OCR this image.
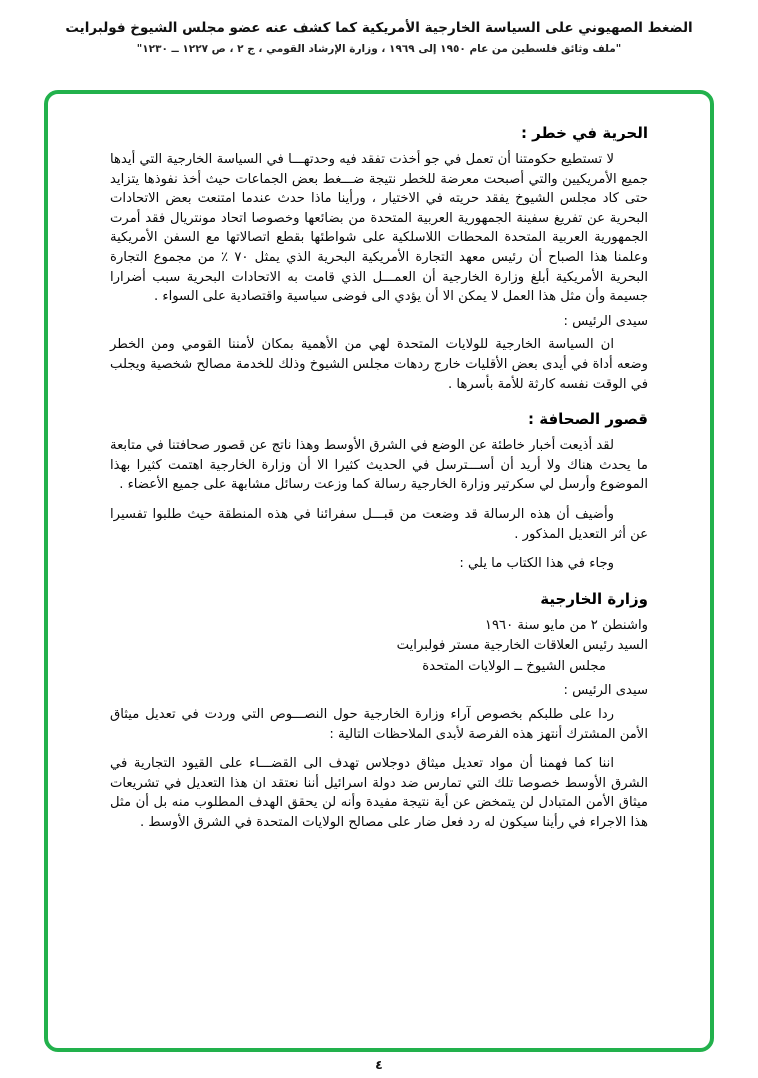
الضغط الصهيوني على السياسة الخارجية الأمريكية كما كشف عنه عضو مجلس الشيوخ فولبرايت
"ملف وثائق فلسطين من عام ١٩٥٠ إلى ١٩٦٩ ، وزارة الإرشاد القومي ، ج ٢ ، ص ١٢٢٧ ــ ١٢٣٠"
الحرية في خطر :

لا تستطيع حكومتنا أن تعمل في جو أخذت تفقد فيه وحدتهـــا في السياسة الخارجية التي أيدها جميع الأمريكيين والتي أصبحت معرضة للخطر نتيجة ضـــغط بعض الجماعات حيث أخذ نفوذها يتزايد حتى كاد مجلس الشيوخ يفقد حريته في الاختيار ، ورأينا ماذا حدث عندما امتنعت بعض الاتحادات البحرية عن تفريغ سفينة الجمهورية العربية المتحدة من بضائعها وخصوصا اتحاد مونتريال فقد أمرت الجمهورية العربية المتحدة المحطات اللاسلكية على شواطئها بقطع اتصالاتها مع السفن الأمريكية وعلمنا هذا الصباح أن رئيس معهد التجارة الأمريكية البحرية الذي يمثل ٧٠ ٪ من مجموع التجارة البحرية الأمريكية أبلغ وزارة الخارجية أن العمـــل الذي قامت به الاتحادات البحرية سبب أضرارا جسيمة وأن مثل هذا العمل لا يمكن الا أن يؤدي الى فوضى سياسية واقتصادية على السواء .

سيدى الرئيس :

ان السياسة الخارجية للولايات المتحدة لهي من الأهمية بمكان لأمننا القومي ومن الخطر وضعه أداة في أيدى بعض الأقليات خارج ردهات مجلس الشيوخ وذلك للخدمة مصالح شخصية ويجلب في الوقت نفسه كارثة للأمة بأسرها .

قصور الصحافة :

لقد أذيعت أخبار خاطئة عن الوضع في الشرق الأوسط وهذا ناتج عن قصور صحافتنا في متابعة ما يحدث هناك ولا أريد أن أســـترسل في الحديث كثيرا الا أن وزارة الخارجية اهتمت كثيرا بهذا الموضوع وأرسل لي سكرتير وزارة الخارجية رسالة كما وزعت رسائل مشابهة على جميع الأعضاء .

وأضيف أن هذه الرسالة قد وضعت من قبـــل سفرائنا في هذه المنطقة حيث طلبوا تفسيرا عن أثر التعديل المذكور .

وجاء في هذا الكتاب ما يلي :

وزارة الخارجية

واشنطن ٢ من مايو سنة ١٩٦٠

السيد رئيس العلاقات الخارجية مستر فولبرايت

مجلس الشيوخ ــ الولايات المتحدة

سيدى الرئيس :

ردا على طلبكم بخصوص آراء وزارة الخارجية حول النصـــوص التي وردت في تعديل ميثاق الأمن المشترك أنتهز هذه الفرصة لأبدى الملاحظات التالية :

اننا كما فهمنا أن مواد تعديل ميثاق دوجلاس تهدف الى القضـــاء على القيود التجارية في الشرق الأوسط خصوصا تلك التي تمارس ضد دولة اسرائيل أننا نعتقد ان هذا التعديل في تشريعات ميثاق الأمن المتبادل لن يتمخض عن أية نتيجة مفيدة وأنه لن يحقق الهدف المطلوب منه بل أن مثل هذا الاجراء في رأينا سيكون له رد فعل ضار على مصالح الولايات المتحدة في الشرق الأوسط .

٤
